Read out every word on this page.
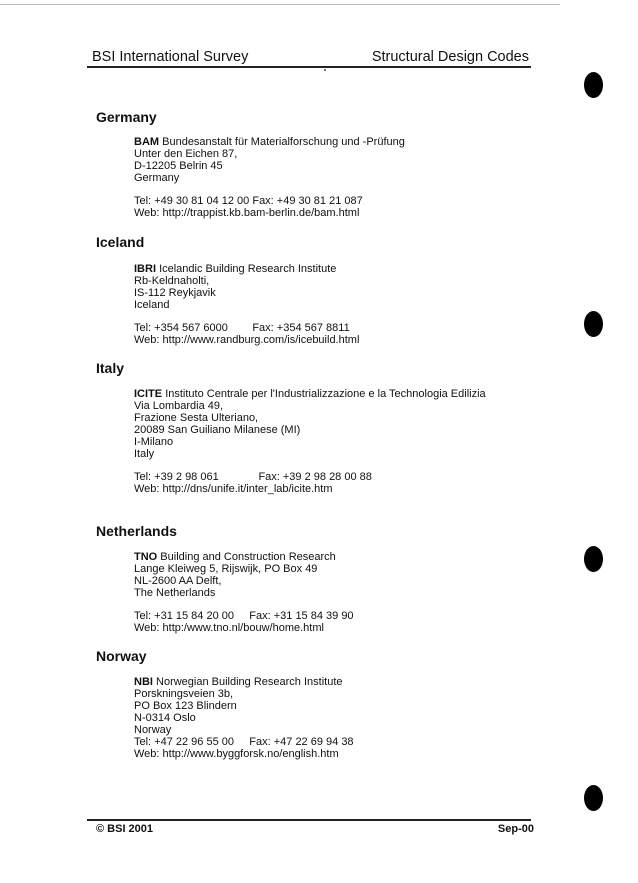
BSI International Survey	Structural Design Codes
Germany
BAM Bundesanstalt für Materialforschung und -Prüfung
Unter den Eichen 87,
D-12205 Belrin 45
Germany
Tel: +49 30 81 04 12 00 Fax: +49 30 81 21 087
Web: http://trappist.kb.bam-berlin.de/bam.html
Iceland
IBRI Icelandic Building Research Institute
Rb-Keldnaholti,
IS-112 Reykjavik
Iceland
Tel: +354 567 6000        Fax: +354 567 8811
Web: http://www.randburg.com/is/icebuild.html
Italy
ICITE Instituto Centrale per l'Industrializzazione e la Technologia Edilizia
Via Lombardia 49,
Frazione Sesta Ulteriano,
20089 San Guiliano Milanese (MI)
I-Milano
Italy
Tel: +39 2 98 061             Fax: +39 2 98 28 00 88
Web: http://dns/unife.it/inter_lab/icite.htm
Netherlands
TNO Building and Construction Research
Lange Kleiweg 5, Rijswijk, PO Box 49
NL-2600 AA Delft,
The Netherlands
Tel: +31 15 84 20 00     Fax: +31 15 84 39 90
Web: http:/www.tno.nl/bouw/home.html
Norway
NBI Norwegian Building Research Institute
Porskningsveien 3b,
PO Box 123 Blindern
N-0314 Oslo
Norway
Tel: +47 22 96 55 00     Fax: +47 22 69 94 38
Web: http://www.byggforsk.no/english.htm
© BSI 2001	Sep-00
